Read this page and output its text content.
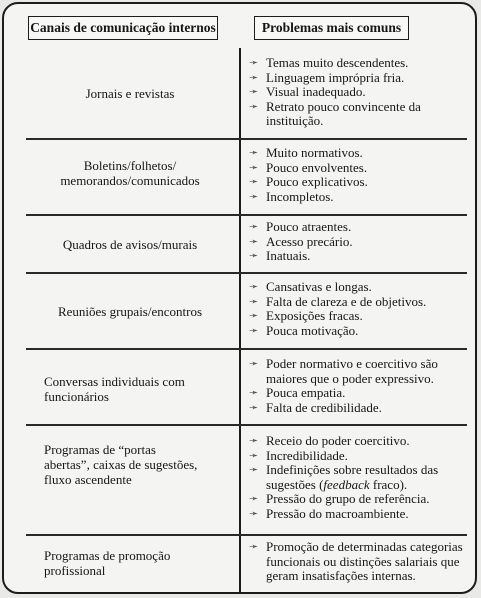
Canais de comunicação internos	Problemas mais comuns
Jornais e revistas
➛ Temas muito descendentes.
➛ Linguagem imprópria fria.
➛ Visual inadequado.
➛ Retrato pouco convincente da instituição.
Boletins/folhetos/ memorandos/comunicados
➛ Muito normativos.
➛ Pouco envolventes.
➛ Pouco explicativos.
➛ Incompletos.
Quadros de avisos/murais
➛ Pouco atraentes.
➛ Acesso precário.
➛ Inatuais.
Reuniões grupais/encontros
➛ Cansativas e longas.
➛ Falta de clareza e de objetivos.
➛ Exposições fracas.
➛ Pouca motivação.
Conversas individuais com funcionários
➛ Poder normativo e coercitivo são maiores que o poder expressivo.
➛ Pouca empatia.
➛ Falta de credibilidade.
Programas de “portas abertas”, caixas de sugestões, fluxo ascendente
➛ Receio do poder coercitivo.
➛ Incredibilidade.
➛ Indefinições sobre resultados das sugestões (feedback fraco).
➛ Pressão do grupo de referência.
➛ Pressão do macroambiente.
Programas de promoção profissional
➛ Promoção de determinadas categorias funcionais ou distinções salariais que geram insatisfações internas.
